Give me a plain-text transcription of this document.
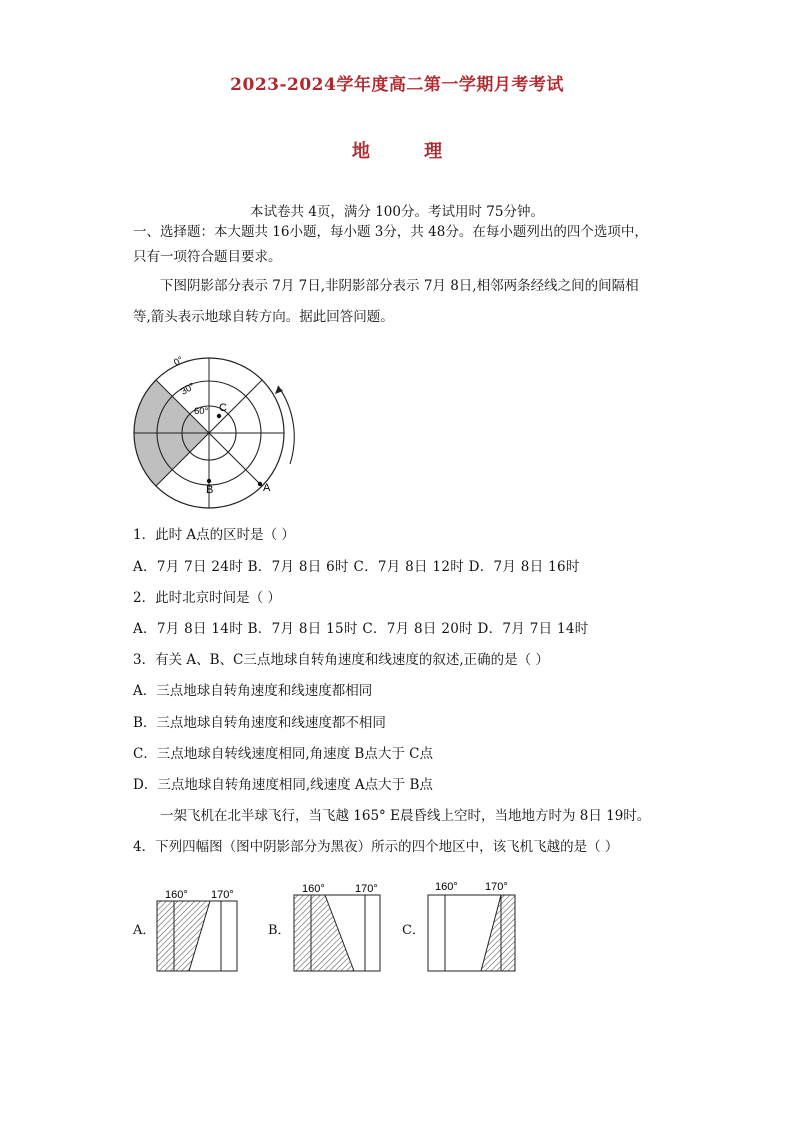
2023-2024学年度高二第一学期月考考试
地 理
本试卷共 4页，满分 100分。考试用时 75分钟。
一、选择题：本大题共 16小题，每小题 3分，共 48分。在每小题列出的四个选项中，
只有一项符合题目要求。
下图阴影部分表示 7月 7日,非阴影部分表示 7月 8日,相邻两条经线之间的间隔相
等,箭头表示地球自转方向。据此回答问题。
0°
30°
60° C
B	A
1．此时 A点的区时是（ ）
A．7月 7日 24时 B．7月 8日 6时 C．7月 8日 12时 D．7月 8日 16时
2．此时北京时间是（ ）
A．7月 8日 14时 B．7月 8日 15时 C．7月 8日 20时 D．7月 7日 14时
3．有关 A、B、C三点地球自转角速度和线速度的叙述,正确的是（ ）
A．三点地球自转角速度和线速度都相同
B．三点地球自转角速度和线速度都不相同
C．三点地球自转线速度相同,角速度 B点大于 C点
D．三点地球自转角速度相同,线速度 A点大于 B点
一架飞机在北半球飞行，当飞越 165° E晨昏线上空时，当地地方时为 8日 19时。
4．下列四幅图（图中阴影部分为黑夜）所示的四个地区中，该飞机飞越的是（ ）
A．
160° 170°
B．
160°	170°
C．
160° 170°
